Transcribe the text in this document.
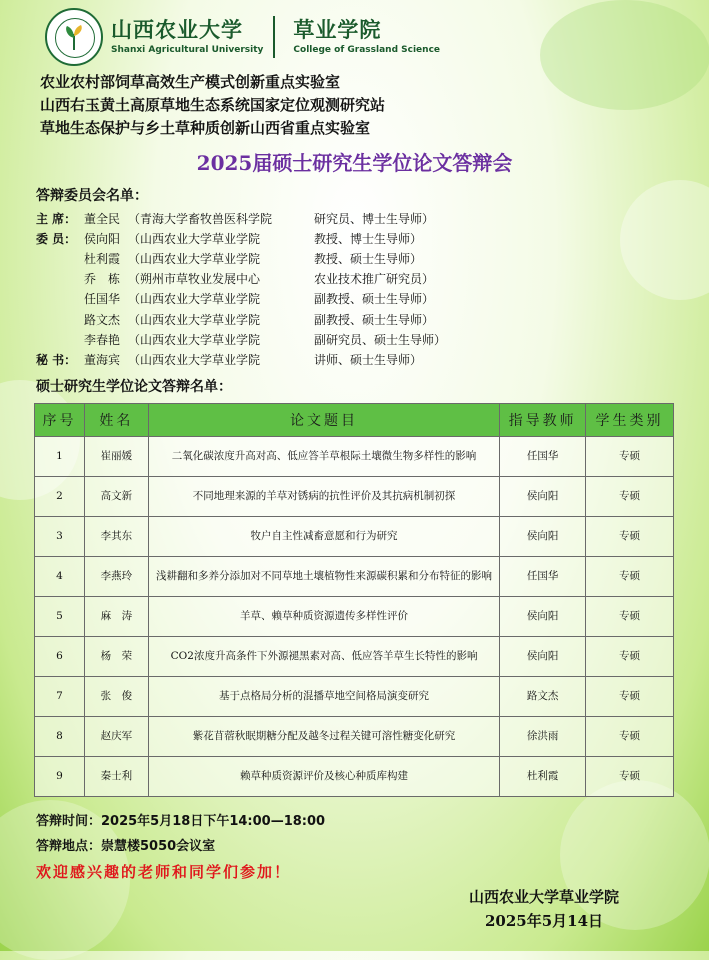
山西农业大学
Shanxi Agricultural University
草业学院
College of Grassland Science
农业农村部饲草高效生产模式创新重点实验室
山西右玉黄土高原草地生态系统国家定位观测研究站
草地生态保护与乡土草种质创新山西省重点实验室
2025届硕士研究生学位论文答辩会
答辩委员会名单：
主 席： 董全民 （青海大学畜牧兽医科学院	研究员、博士生导师）
委 员： 侯向阳 （山西农业大学草业学院	教授、博士生导师）
杜利霞 （山西农业大学草业学院	教授、硕士生导师）
乔　栋 （朔州市草牧业发展中心	农业技术推广研究员）
任国华 （山西农业大学草业学院	副教授、硕士生导师）
路文杰 （山西农业大学草业学院	副教授、硕士生导师）
李春艳 （山西农业大学草业学院	副研究员、硕士生导师）
秘 书： 董海宾 （山西农业大学草业学院	讲师、硕士生导师）
硕士研究生学位论文答辩名单：
序号	姓名	论文题目	指导教师	学生类别
1	崔丽媛	二氧化碳浓度升高对高、低应答羊草根际土壤微生物多样性的影响	任国华	专硕
2	高文新	不同地理来源的羊草对锈病的抗性评价及其抗病机制初探	侯向阳	专硕
3	李其东	牧户自主性减畜意愿和行为研究	侯向阳	专硕
4	李燕玲	浅耕翻和多养分添加对不同草地土壤植物性来源碳积累和分布特征的影响	任国华	专硕
5	麻　涛	羊草、赖草种质资源遗传多样性评价	侯向阳	专硕
6	杨　荣	CO2浓度升高条件下外源褪黑素对高、低应答羊草生长特性的影响	侯向阳	专硕
7	张　俊	基于点格局分析的混播草地空间格局演变研究	路文杰	专硕
8	赵庆军	紫花苜蓿秋眠期糖分配及越冬过程关键可溶性糖变化研究	徐洪雨	专硕
9	秦士利	赖草种质资源评价及核心种质库构建	杜利霞	专硕
答辩时间：2025年5月18日下午14:00—18:00
答辩地点：崇慧楼5050会议室
欢迎感兴趣的老师和同学们参加！
山西农业大学草业学院
2025年5月14日
